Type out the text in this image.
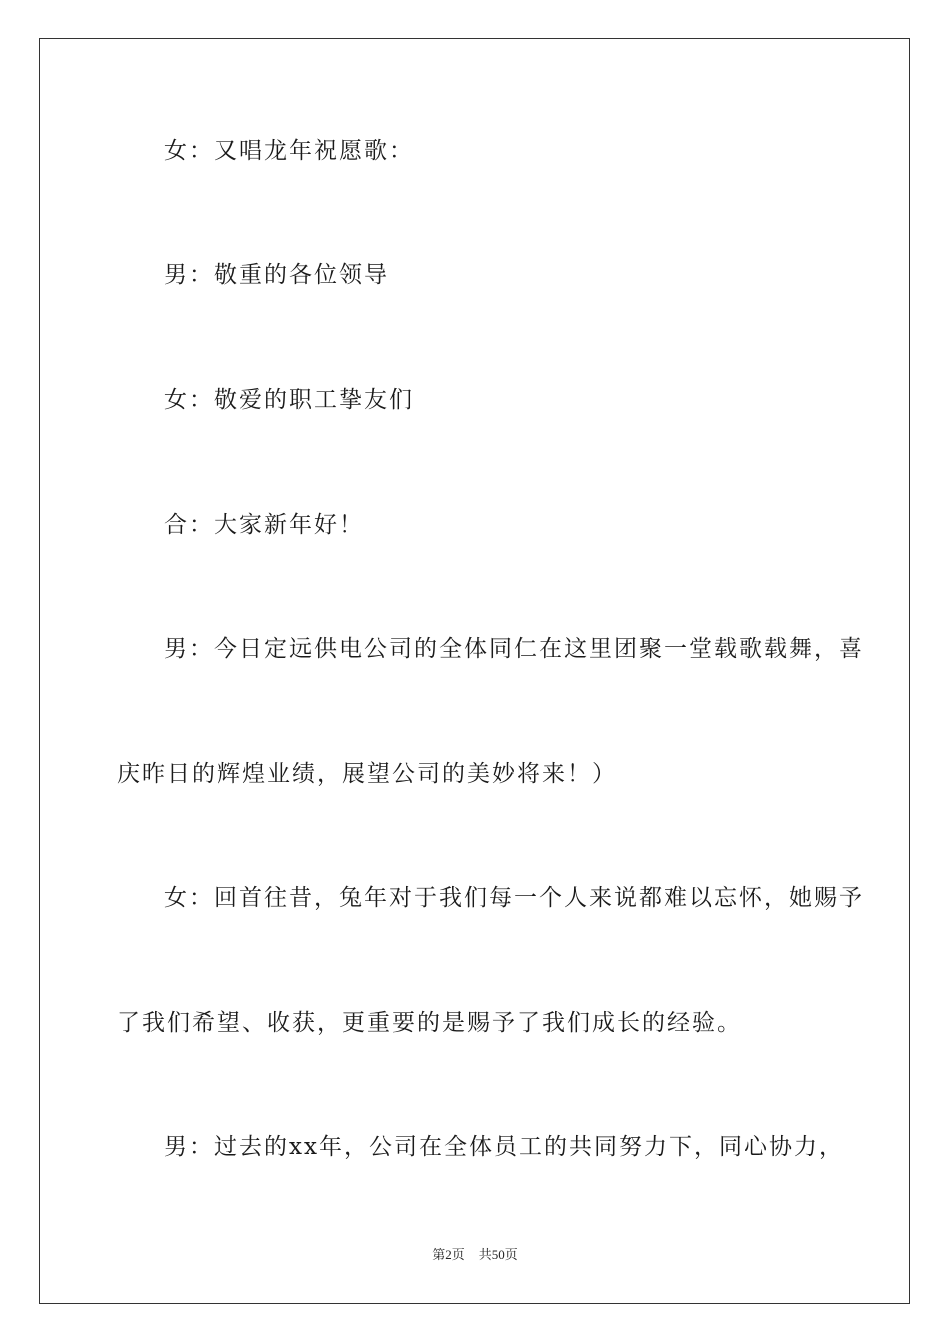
女：又唱龙年祝愿歌：
男：敬重的各位领导
女：敬爱的职工挚友们
合：大家新年好！
男：今日定远供电公司的全体同仁在这里团聚一堂载歌载舞，喜
庆昨日的辉煌业绩，展望公司的美妙将来！）
女：回首往昔，兔年对于我们每一个人来说都难以忘怀，她赐予
了我们希望、收获，更重要的是赐予了我们成长的经验。
男：过去的xx年，公司在全体员工的共同努力下，同心协力，
第2页 共50页
